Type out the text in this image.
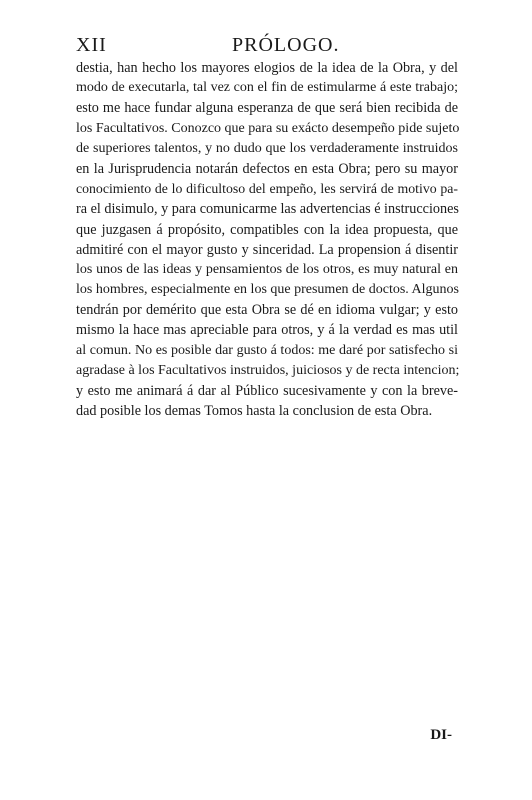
XII	PRÓLOGO.
destia, han hecho los mayores elogios de la idea de la Obra, y del
modo de executarla, tal vez con el fin de estimularme á este trabajo;
esto me hace fundar alguna esperanza de que será bien recibida de
los Facultativos. Conozco que para su exácto desempeño pide sujeto
de superiores talentos, y no dudo que los verdaderamente instruidos
en la Jurisprudencia notarán defectos en esta Obra; pero su mayor
conocimiento de lo dificultoso del empeño, les servirá de motivo pa-
ra el disimulo, y para comunicarme las advertencias é instrucciones
que juzgasen á propósito, compatibles con la idea propuesta, que
admitiré con el mayor gusto y sinceridad. La propension á disentir
los unos de las ideas y pensamientos de los otros, es muy natural en
los hombres, especialmente en los que presumen de doctos. Algunos
tendrán por demérito que esta Obra se dé en idioma vulgar; y esto
mismo la hace mas apreciable para otros, y á la verdad es mas util
al comun. No es posible dar gusto á todos: me daré por satisfecho si
agradase à los Facultativos instruidos, juiciosos y de recta intencion;
y esto me animará á dar al Público sucesivamente y con la breve-
dad posible los demas Tomos hasta la conclusion de esta Obra.
DI-
